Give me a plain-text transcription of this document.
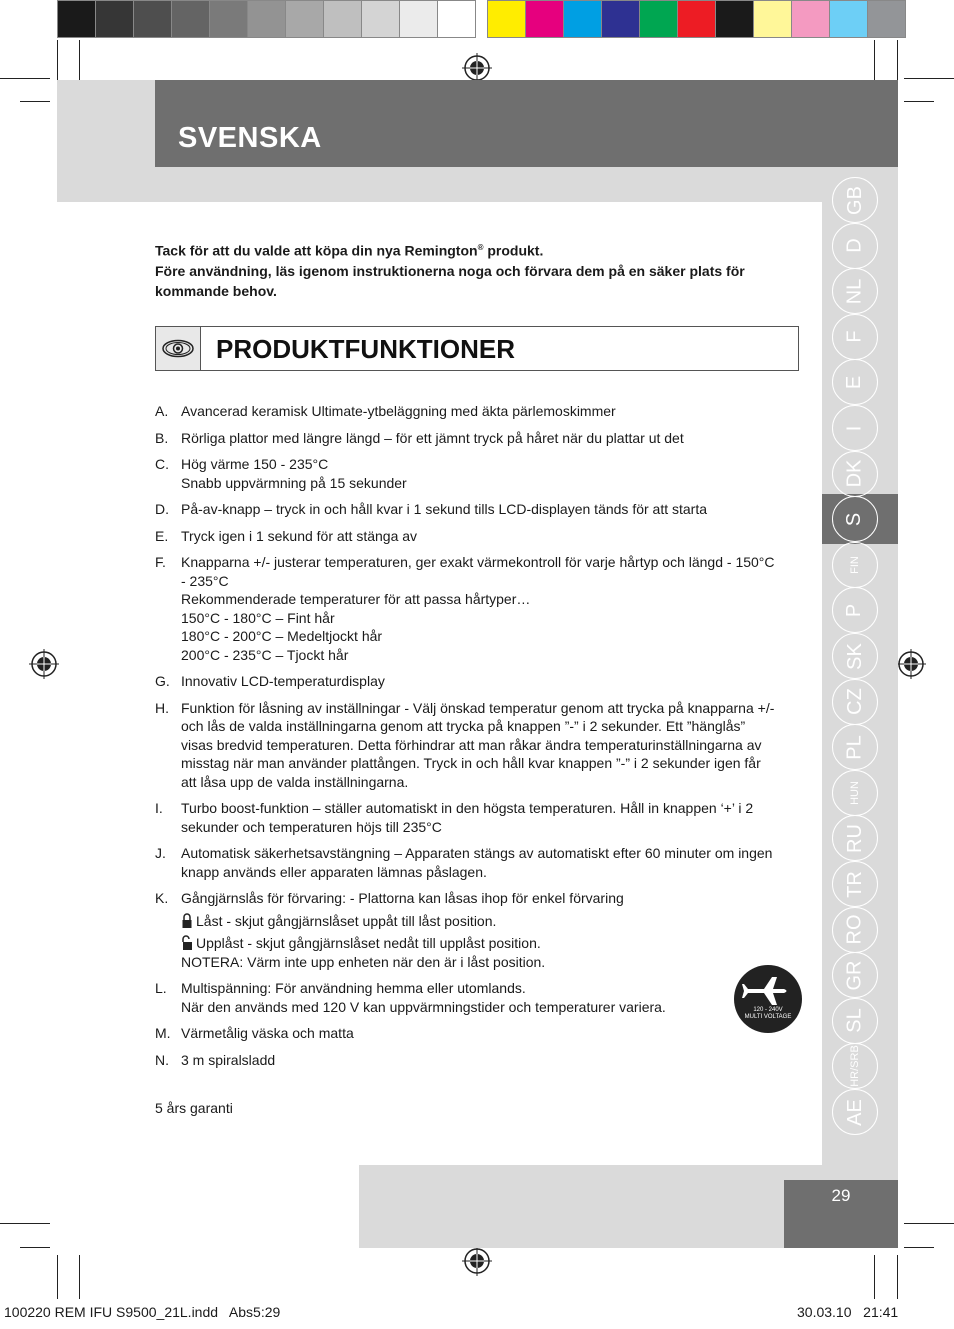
SVENSKA
GB
D
NL
F
E
I
DK
S
FIN
P
SK
CZ
PL
HUN
RU
TR
RO
GR
SL
HR/SRB
AE

Tack för att du valde att köpa din nya Remington® produkt.

Före användning, läs igenom instruktionerna noga och förvara dem på en säker plats för kommande behov.

PRODUKTFUNKTIONER
A. Avancerad keramisk Ultimate-ytbeläggning med äkta pärlemoskimmer
B. Rörliga plattor med längre längd – för ett jämnt tryck på håret när du plattar ut det
C. Hög värme 150 - 235°C
Snabb uppvärmning på 15 sekunder
D. På-av-knapp – tryck in och håll kvar i 1 sekund tills LCD-displayen tänds för att starta
E. Tryck igen i 1 sekund för att stänga av
F. Knapparna +/- justerar temperaturen, ger exakt värmekontroll för varje hårtyp och längd - 150°C - 235°C
Rekommenderade temperaturer för att passa hårtyper…
150°C - 180°C – Fint hår
180°C - 200°C – Medeltjockt hår
200°C - 235°C – Tjockt hår
G. Innovativ LCD-temperaturdisplay
H. Funktion för låsning av inställningar - Välj önskad temperatur genom att trycka på knapparna +/- och lås de valda inställningarna genom att trycka på knappen ”-” i 2 sekunder. Ett ”hänglås” visas bredvid temperaturen. Detta förhindrar att man råkar ändra temperaturinställningarna av misstag när man använder plattången. Tryck in och håll kvar knappen ”-” i 2 sekunder igen får att låsa upp de valda inställningarna.
I. Turbo boost-funktion – ställer automatiskt in den högsta temperaturen. Håll in knappen ‘+’ i 2 sekunder och temperaturen höjs till 235°C
J. Automatisk säkerhetsavstängning – Apparaten stängs av automatiskt efter 60 minuter om ingen knapp används eller apparaten lämnas påslagen.
K. Gångjärnslås för förvaring: - Plattorna kan låsas ihop för enkel förvaring
Låst - skjut gångjärnslåset uppåt till låst position.
Upplåst - skjut gångjärnslåset nedåt till upplåst position.
NOTERA: Värm inte upp enheten när den är i låst position.
L. Multispänning: För användning hemma eller utomlands.
När den används med 120 V kan uppvärmningstider och temperaturer variera.
M. Värmetålig väska och matta
N. 3 m spiralsladd
5 års garanti
120 - 240V
MULTI VOLTAGE
29
100220 REM IFU S9500_21L.indd   Abs5:29	30.03.10   21:41
